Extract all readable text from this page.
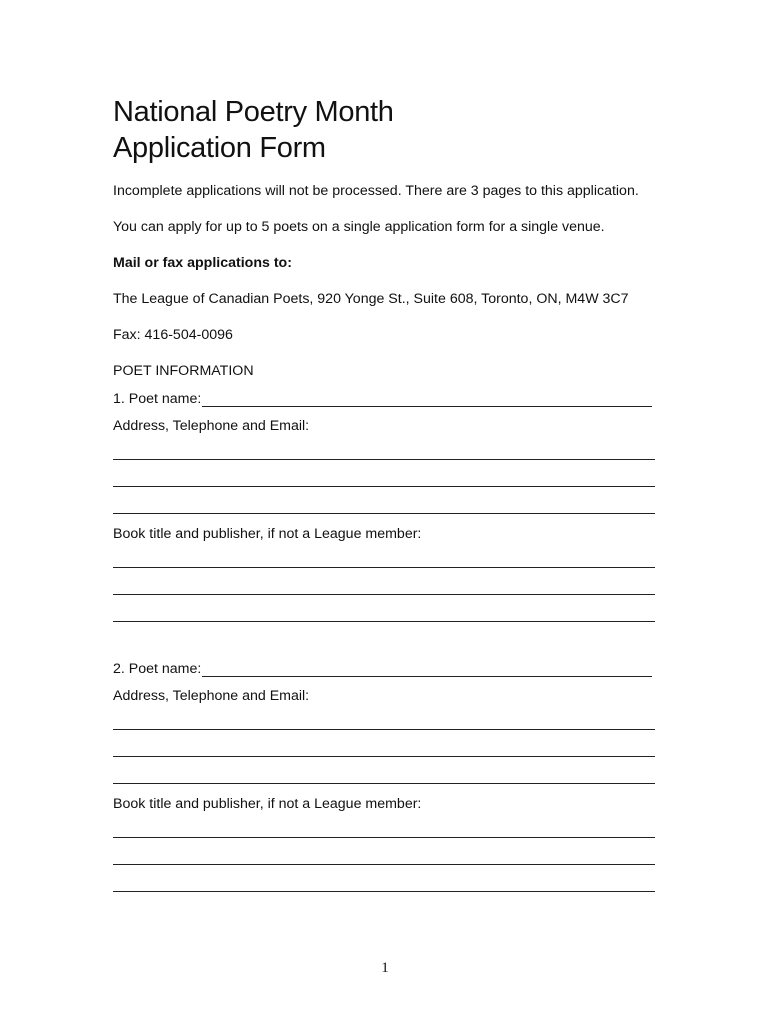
National Poetry Month
Application Form

Incomplete applications will not be processed. There are 3 pages to this application.

You can apply for up to 5 poets on a single application form for a single venue.

Mail or fax applications to:

The League of Canadian Poets, 920 Yonge St., Suite 608, Toronto, ON, M4W 3C7

Fax: 416-504-0096

POET INFORMATION

1. Poet name:

Address, Telephone and Email:

Book title and publisher, if not a League member:

2. Poet name:

Address, Telephone and Email:

Book title and publisher, if not a League member:

1
